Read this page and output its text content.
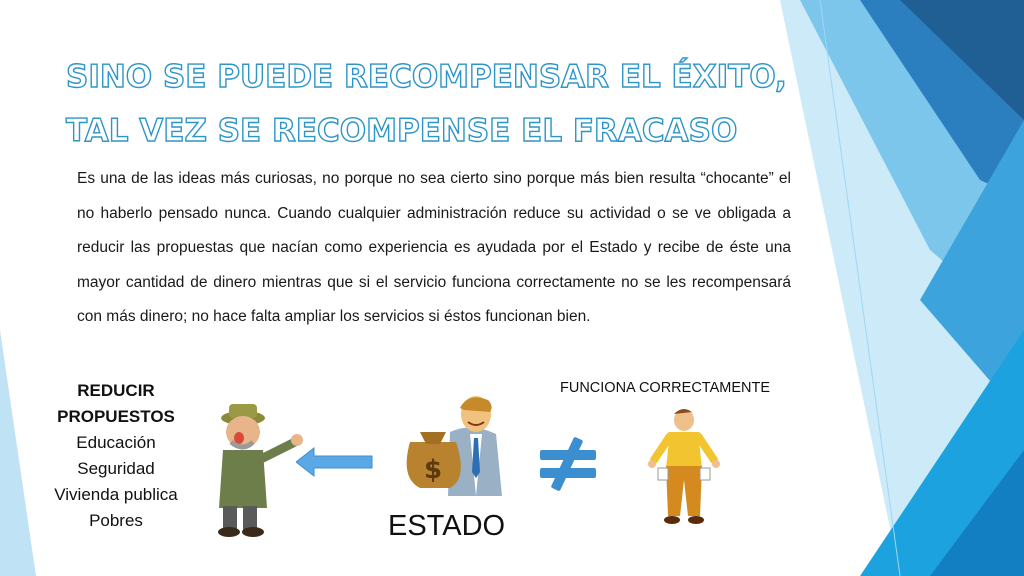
SINO SE PUEDE RECOMPENSAR EL ÉXITO,
TAL VEZ SE RECOMPENSE EL FRACASO

Es una de las ideas más curiosas, no porque no sea cierto sino porque más bien resulta “chocante” el no haberlo pensado nunca. Cuando cualquier administración reduce su actividad o se ve obligada a reducir las propuestas que nacían como experiencia es ayudada por el Estado y recibe de éste una mayor cantidad de dinero mientras que si el servicio funciona correctamente no se les recompensará con más dinero; no hace falta ampliar los servicios si éstos funcionan bien.

REDUCIR
PROPUESTOS
Educación
Seguridad
Vivienda publica
Pobres
$
FUNCIONA CORRECTAMENTE
ESTADO
